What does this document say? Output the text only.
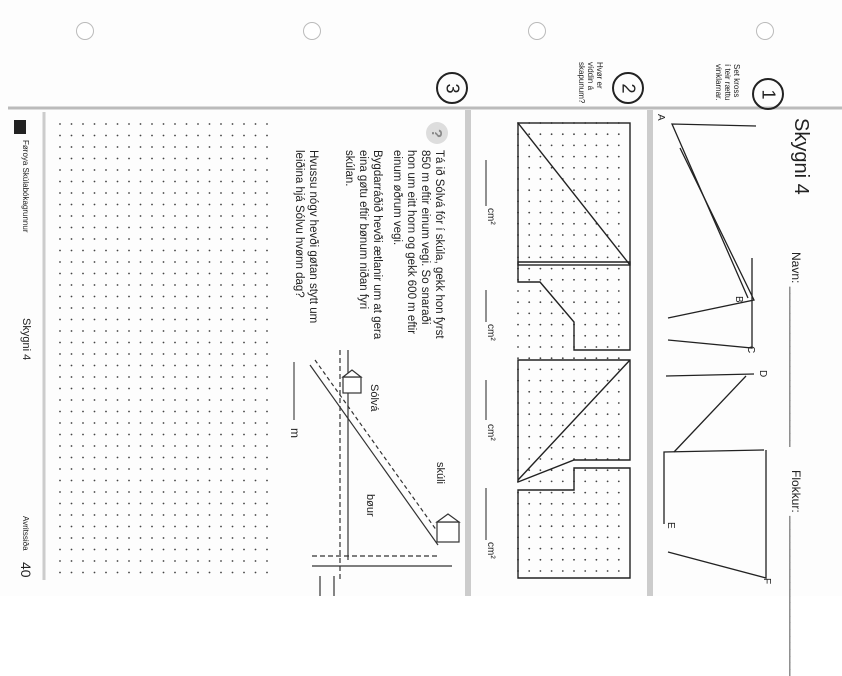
Skygni 4
Navn: ________________________
Flokkur: ________________________
1
2
3	Set kross
í teir rættu
vinklarnar.
Hvør er
víddin á
skapunum?
A
B
C
D
E
F
cm²
cm²
cm²
cm²
?
Tá ið Sólvá fór í skúla, gekk hon fyrst
850 m eftir einum vegi. So snaraði
hon um eitt horn og gekk 600 m eftir
einum øðrum vegi.
Bygdarráðið hevði ætlanir um at gera
eina gøtu eftir bønum niðan fyri
skúlan.
Hvussu nógv hevði gøtan stytt um
leiðina hjá Sólvu hvønn dag?
m
Sólvá
skúli
bøur
Føroya Skúlabókagrunnur
Skygni 4
Avritssiða
40
